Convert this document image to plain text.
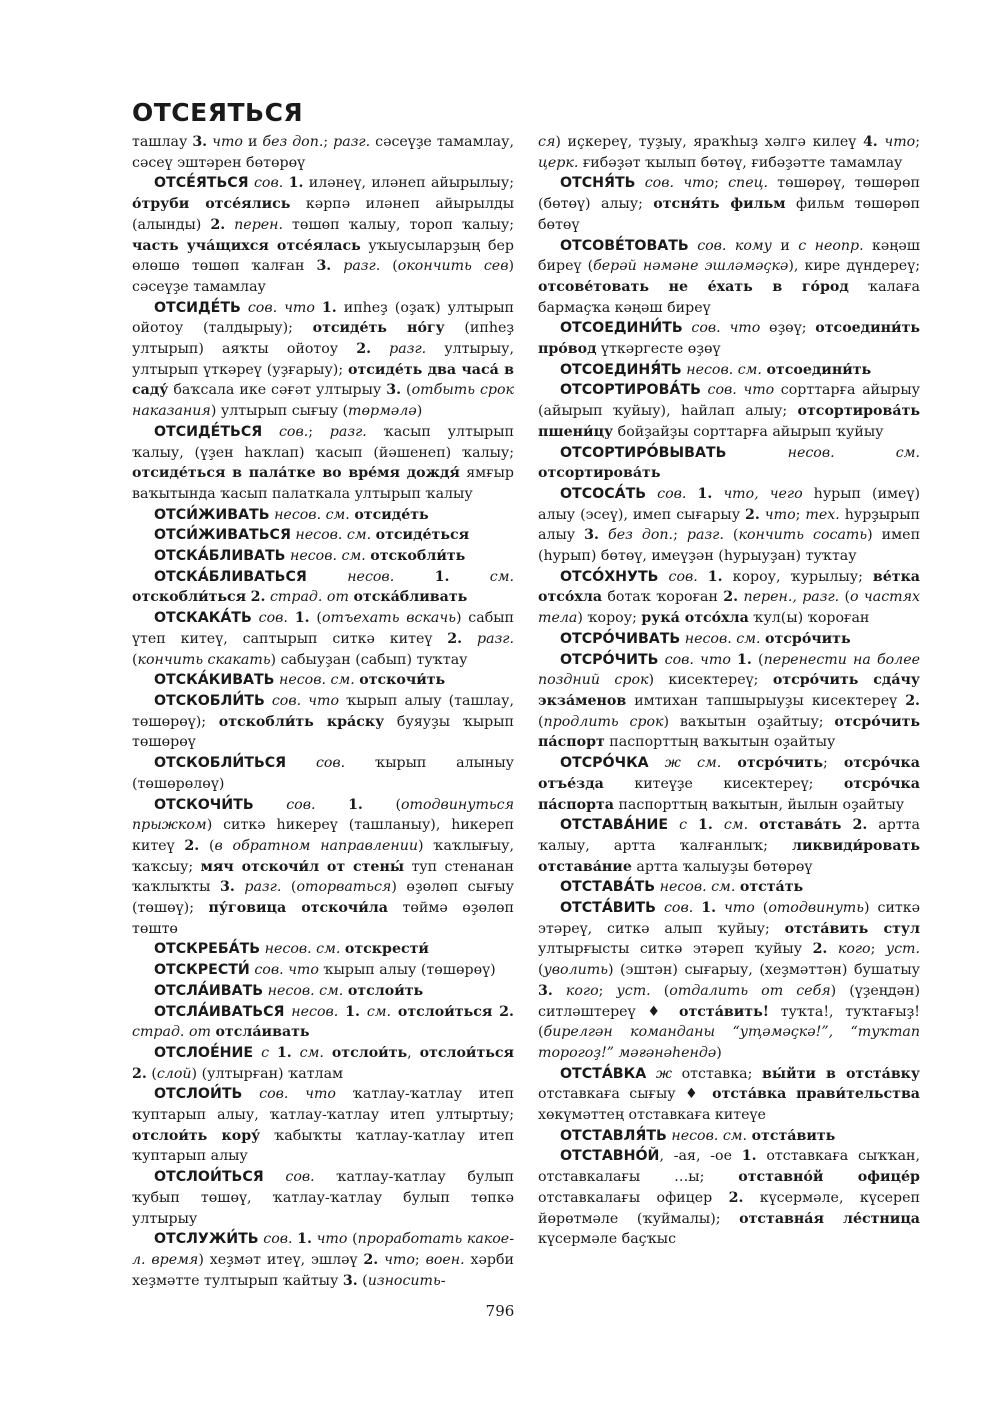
ОТСЕЯТЬСЯ

ташлау 3. что и без доп.; разг. сәсеүҙе тамамлау, сәсеү эштәрен бөтөрөү

ОТСЕ́ЯТЬСЯ сов. 1. иләнеү, иләнеп айырылыу; о́труби отсе́ялись кәрпә иләнеп айырылды (алынды) 2. перен. төшөп ҡалыу, тороп ҡалыу; часть уча́щихся отсе́ялась уҡыусыларҙың бер өлөшө төшөп ҡалған 3. разг. (окончить сев) сәсеүҙе тамамлау

ОТСИДЕ́ТЬ сов. что 1. ипһеҙ (оҙаҡ) ултырып ойотоу (талдырыу); отсиде́ть но́гу (ипһеҙ ултырып) аяҡты ойотоу 2. разг. ултырыу, ултырып үткәреү (уҙғарыу); отсиде́ть два часа́ в саду́ баҡсала ике сәғәт ултырыу 3. (отбыть срок наказания) ултырып сығыу (төрмәлә)

ОТСИДЕ́ТЬСЯ сов.; разг. ҡасып ултырып ҡалыу, (үҙен һаҡлап) ҡасып (йәшенеп) ҡалыу; отсиде́ться в пала́тке во вре́мя дождя́ ямғыр ваҡытында ҡасып палаткала ултырып ҡалыу

ОТСИ́ЖИВАТЬ несов. см. отсиде́ть

ОТСИ́ЖИВАТЬСЯ несов. см. отсиде́ться

ОТСКА́БЛИВАТЬ несов. см. отскобли́ть

ОТСКА́БЛИВАТЬСЯ	несов.	1.	см. отскобли́ться 2. страд. от отска́бливать

ОТСКАКА́ТЬ сов. 1. (отъехать вскачь) сабып үтеп китеү, саптырып ситкә китеү 2. разг. (кончить скакать) сабыуҙан (сабып) туҡтау

ОТСКА́КИВАТЬ несов. см. отскочи́ть

ОТСКОБЛИ́ТЬ сов. что ҡырып алыу (ташлау, төшөрөү); отскобли́ть кра́ску буяуҙы ҡырып төшөрөү

ОТСКОБЛИ́ТЬСЯ сов. ҡырып алыныу (төшөрөлөү)

ОТСКОЧИ́ТЬ сов. 1. (отодвинуться прыжком) ситкә һикереү (ташланыу), һикереп китеү 2. (в обратном направлении) ҡаҡлығыу, ҡаҡсыу; мяч отскочи́л от стены́ туп стенанан ҡаҡлыҡты 3. разг. (оторваться) өҙөлөп сығыу (төшөү); пу́говица отскочи́ла төймә өҙөлөп төштө

ОТСКРЕБА́ТЬ несов. см. отскрести́

ОТСКРЕСТИ́ сов. что ҡырып алыу (төшөрөү)

ОТСЛА́ИВАТЬ несов. см. отслои́ть

ОТСЛА́ИВАТЬСЯ несов. 1. см. отслои́ться 2. страд. от отсла́ивать

ОТСЛОЕ́НИЕ с 1. см. отслои́ть, отслои́ться 2. (слой) (ултырған) ҡатлам

ОТСЛОИ́ТЬ сов. что ҡатлау-ҡатлау итеп ҡуптарып алыу, ҡатлау-ҡатлау итеп ултыртыу; отслои́ть кору́ ҡабыҡты ҡатлау-ҡатлау итеп ҡуптарып алыу

ОТСЛОИ́ТЬСЯ сов. ҡатлау-ҡатлау булып ҡубып төшөү, ҡатлау-ҡатлау булып төпкә ултырыу

ОТСЛУЖИ́ТЬ сов. 1. что (проработать какое-л. время) хеҙмәт итеү, эшләү 2. что; воен. хәрби хеҙмәтте тултырып ҡайтыу 3. (износить-

ся) иҫкереү, туҙыу, яраҡһыҙ хәлгә килеү 4. что; церк. ғибәҙәт ҡылып бөтөү, ғибәҙәтте тамамлау

ОТСНЯ́ТЬ сов. что; спец. төшөрөү, төшөрөп (бөтөү) алыу; отсня́ть фильм фильм төшөрөп бөтөү

ОТСОВЕ́ТОВАТЬ сов. кому и с неопр. кәңәш биреү (берәй нәмәне эшләмәҫкә), кире дүндереү; отсове́товать не е́хать в го́род ҡалаға бармаҫҡа кәңәш биреү

ОТСОЕДИНИ́ТЬ сов. что өҙөү; отсоедини́ть про́вод үткәргесте өҙөү

ОТСОЕДИНЯ́ТЬ несов. см. отсоедини́ть

ОТСОРТИРОВА́ТЬ сов. что сорттарға айырыу (айырып ҡуйыу), һайлап алыу; отсортирова́ть пшени́цу бойҙайҙы сорттарға айырып ҡуйыу

ОТСОРТИРО́ВЫВАТЬ	несов. см. отсортирова́ть

ОТСОСА́ТЬ сов. 1. что, чего һурып (имеү) алыу (эсеү), имеп сығарыу 2. что; тех. һурҙырып алыу 3. без доп.; разг. (кончить сосать) имеп (һурып) бөтөү, имеүҙән (һурыуҙан) туҡтау

ОТСО́ХНУТЬ сов. 1. короу, ҡурылыу; ве́тка отсо́хла ботаҡ ҡороған 2. перен., разг. (о частях тела) ҡороу; рука́ отсо́хла ҡул(ы) ҡороған

ОТСРО́ЧИВАТЬ несов. см. отсро́чить

ОТСРО́ЧИТЬ сов. что 1. (перенести на более поздний срок) кисектереү; отсро́чить сда́чу экза́менов имтихан тапшырыуҙы кисектереү 2. (продлить срок) ваҡытын оҙайтыу; отсро́чить па́спорт паспорттың ваҡытын оҙайтыу

ОТСРО́ЧКА ж см. отсро́чить; отсро́чка отъе́зда китеүҙе кисектереү; отсро́чка па́спорта паспорттың ваҡытын, йылын оҙайтыу

ОТСТАВА́НИЕ с 1. см. отстава́ть 2. артта ҡалыу, артта ҡалғанлыҡ; ликвиди́ровать отстава́ние артта ҡалыуҙы бөтөрөү

ОТСТАВА́ТЬ несов. см. отста́ть

ОТСТА́ВИТЬ сов. 1. что (отодвинуть) ситкә этәреү, ситкә алып ҡуйыу; отста́вить стул ултырғысты ситкә этәреп ҡуйыу 2. кого; уст. (уволить) (эштән) сығарыу, (хеҙмәттән) бушатыу 3. кого; уст. (отдалить от себя) (үҙеңдән) ситләштереү ♦ отста́вить! туҡта!, туҡтағыҙ! (бирелгән команданы “уҭәмәҫкә!”, “туҡтап торогоҙ!” мәғәнәһендә)

ОТСТА́ВКА ж отставка; вы́йти в отста́вку отставкаға сығыу ♦ отста́вка прави́тельства хөкүмәттең отставкаға китеүе

ОТСТАВЛЯ́ТЬ несов. см. отста́вить

ОТСТАВНО́Й, -ая, -ое 1. отставкаға сыҡҡан, отставкалағы …ы; отставно́й офице́р отставкалағы офицер 2. күсермәле, күсереп йөрөтмәле (ҡуймалы); отставна́я ле́стница күсермәле баҫҡыс

796
